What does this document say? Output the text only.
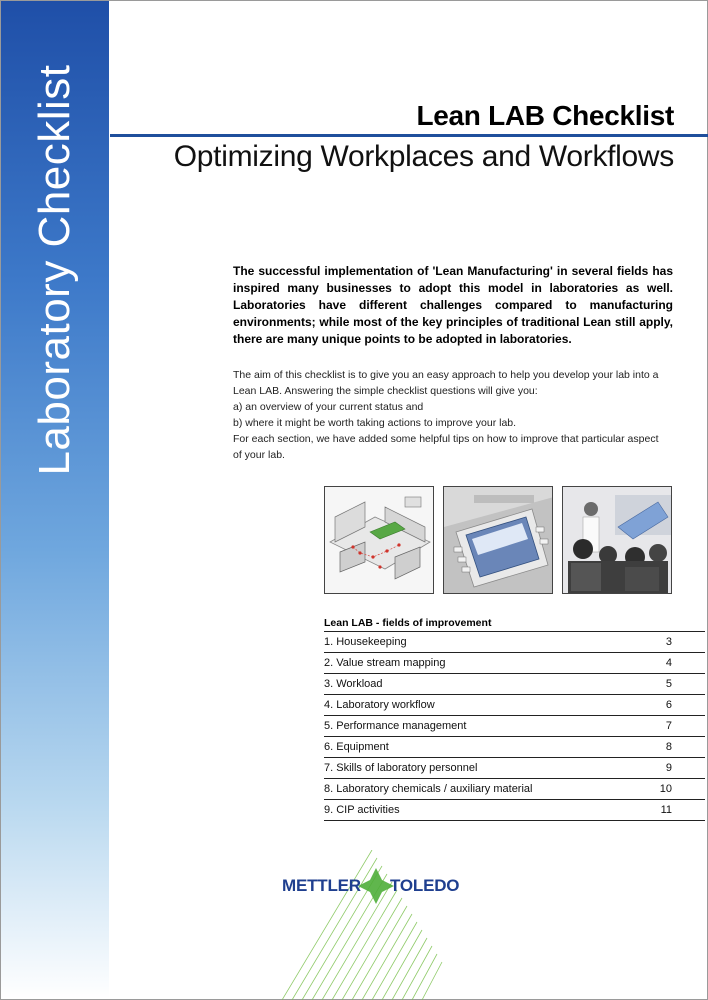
Laboratory Checklist	Lean LAB Checklist
Optimizing Workplaces and Workflows
The successful implementation of 'Lean Manufacturing' in several fields has inspired many businesses to adopt this model in laboratories as well. Laboratories have different challenges compared to manufacturing environments; while most of the key principles of traditional Lean still apply, there are many unique points to be adopted in laboratories.
The aim of this checklist is to give you an easy approach to help you develop your lab into a
Lean LAB. Answering the simple checklist questions will give you:
a) an overview of your current status and
b) where it might be worth taking actions to improve your lab.
For each section, we have added some helpful tips on how to improve that particular aspect
of your lab.
Lean LAB - fields of improvement
1. Housekeeping	3
2. Value stream mapping	4
3. Workload	5
4. Laboratory workflow	6
5. Performance management	7
6. Equipment	8
7. Skills of laboratory personnel	9
8. Laboratory chemicals / auxiliary material	10
9. CIP activities	11
METTLER TOLEDO
